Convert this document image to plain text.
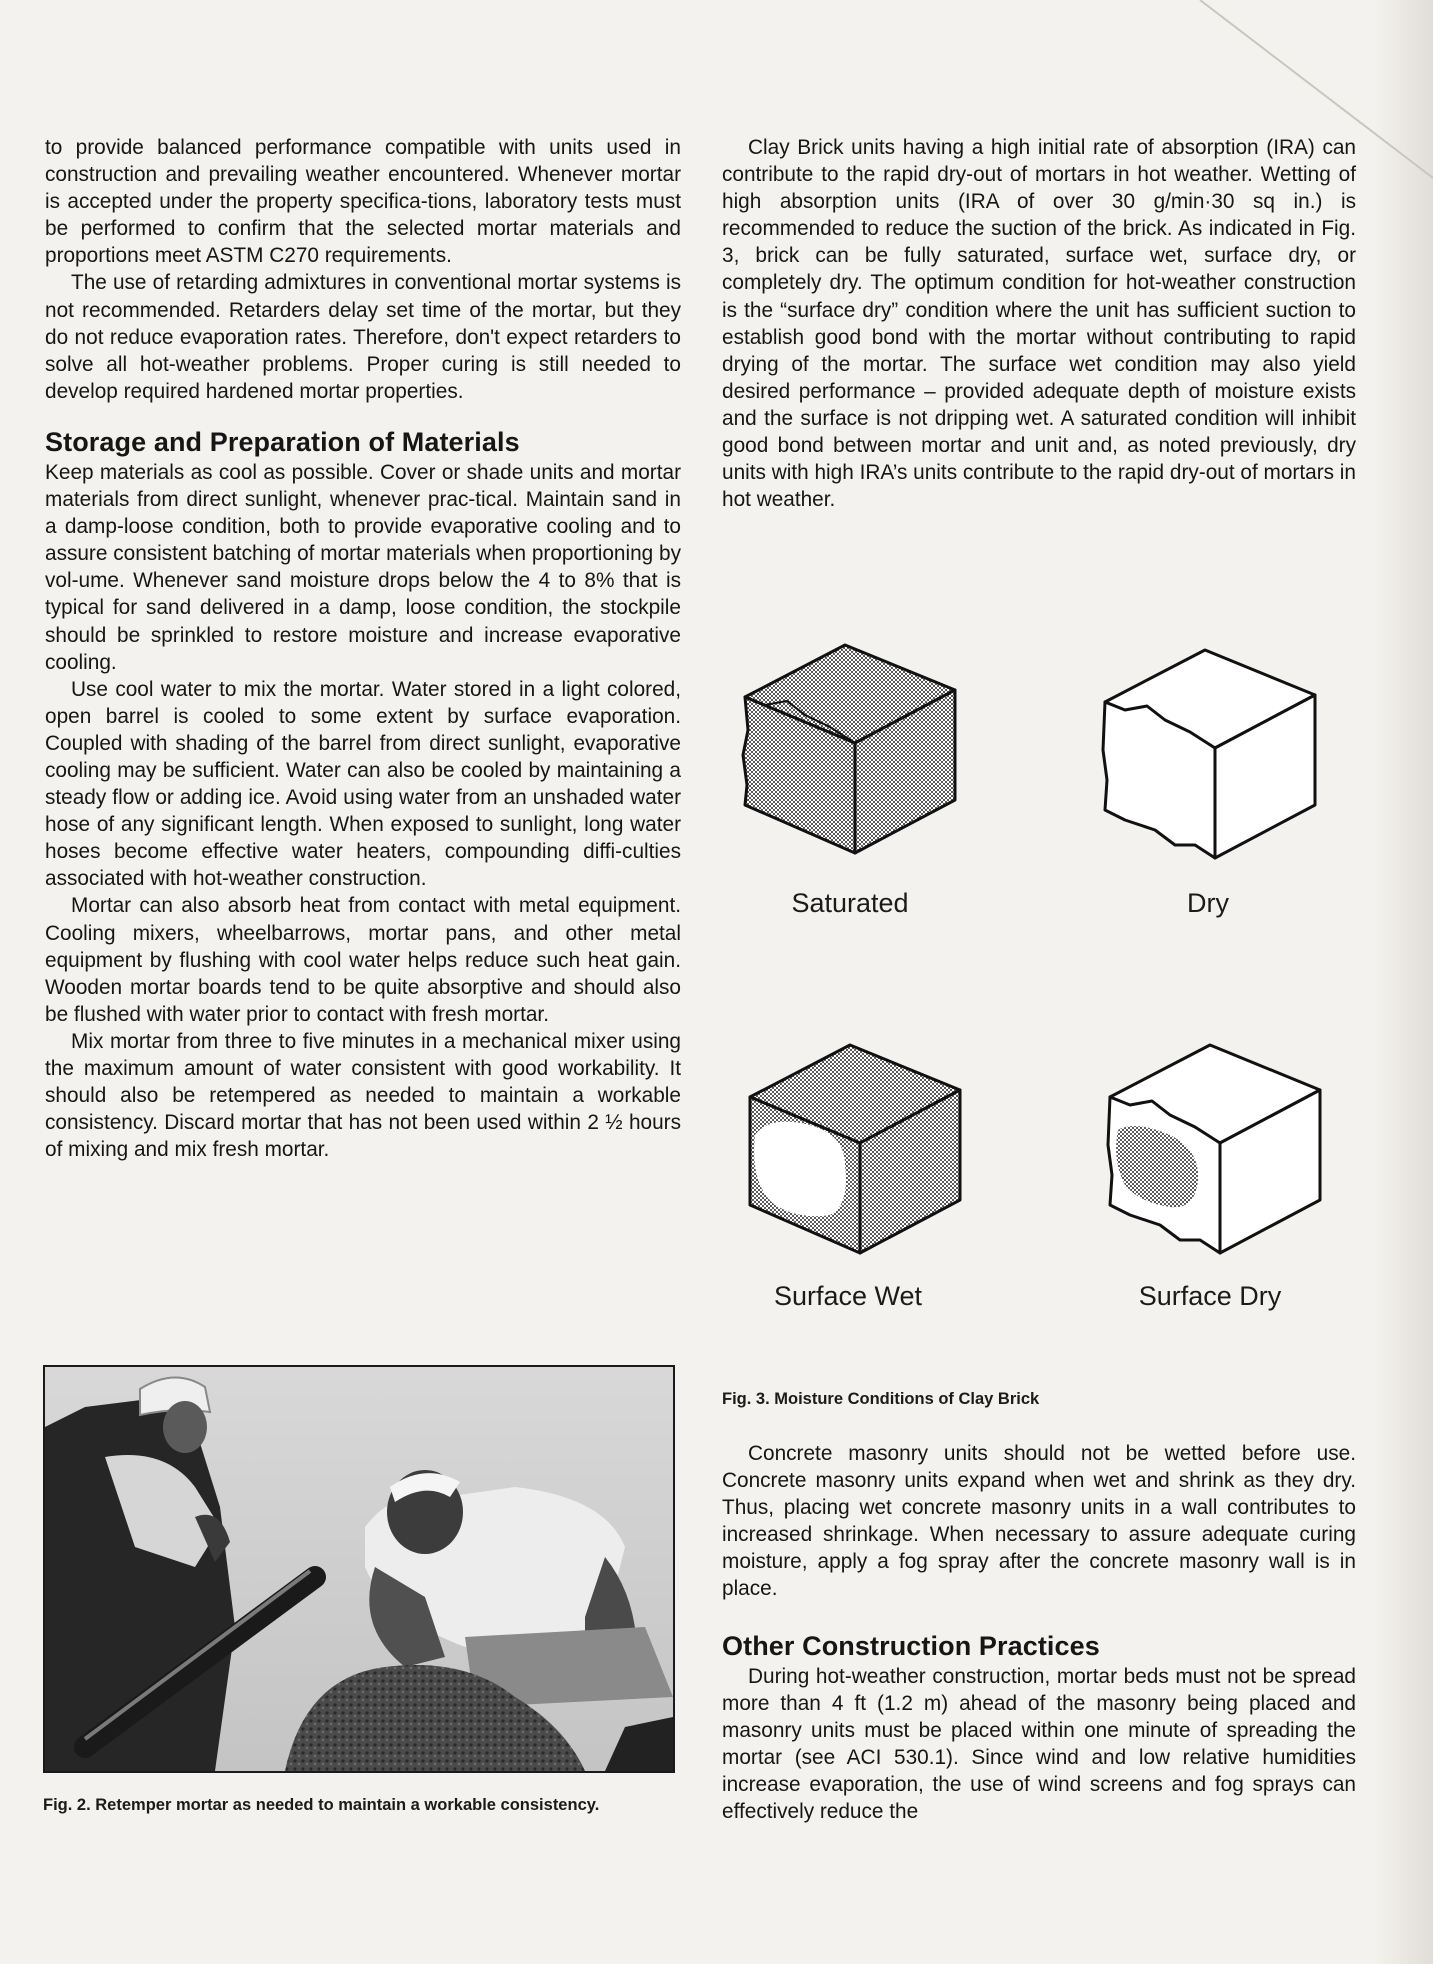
to provide balanced performance compatible with units used in construction and prevailing weather encountered. Whenever mortar is accepted under the property specifica-tions, laboratory tests must be performed to confirm that the selected mortar materials and proportions meet ASTM C270 requirements.

The use of retarding admixtures in conventional mortar systems is not recommended. Retarders delay set time of the mortar, but they do not reduce evaporation rates. Therefore, don't expect retarders to solve all hot-weather problems. Proper curing is still needed to develop required hardened mortar properties.

Storage and Preparation of Materials

Keep materials as cool as possible. Cover or shade units and mortar materials from direct sunlight, whenever prac-tical. Maintain sand in a damp-loose condition, both to provide evaporative cooling and to assure consistent batching of mortar materials when proportioning by vol-ume. Whenever sand moisture drops below the 4 to 8% that is typical for sand delivered in a damp, loose condition, the stockpile should be sprinkled to restore moisture and increase evaporative cooling.

Use cool water to mix the mortar. Water stored in a light colored, open barrel is cooled to some extent by surface evaporation. Coupled with shading of the barrel from direct sunlight, evaporative cooling may be sufficient. Water can also be cooled by maintaining a steady flow or adding ice. Avoid using water from an unshaded water hose of any significant length. When exposed to sunlight, long water hoses become effective water heaters, compounding diffi-culties associated with hot-weather construction.

Mortar can also absorb heat from contact with metal equipment. Cooling mixers, wheelbarrows, mortar pans, and other metal equipment by flushing with cool water helps reduce such heat gain. Wooden mortar boards tend to be quite absorptive and should also be flushed with water prior to contact with fresh mortar.

Mix mortar from three to five minutes in a mechanical mixer using the maximum amount of water consistent with good workability. It should also be retempered as needed to maintain a workable consistency. Discard mortar that has not been used within 2 ½ hours of mixing and mix fresh mortar.

Fig. 2. Retemper mortar as needed to maintain a workable consistency.

Clay Brick units having a high initial rate of absorption (IRA) can contribute to the rapid dry-out of mortars in hot weather. Wetting of high absorption units (IRA of over 30 g/min·30 sq in.) is recommended to reduce the suction of the brick. As indicated in Fig. 3, brick can be fully saturated, surface wet, surface dry, or completely dry. The optimum condition for hot-weather construction is the “surface dry” condition where the unit has sufficient suction to establish good bond with the mortar without contributing to rapid drying of the mortar. The surface wet condition may also yield desired performance – provided adequate depth of moisture exists and the surface is not dripping wet. A saturated condition will inhibit good bond between mortar and unit and, as noted previously, dry units with high IRA’s units contribute to the rapid dry-out of mortars in hot weather.

Saturated	Dry
Surface Wet	Surface Dry
Fig. 3. Moisture Conditions of Clay Brick

Concrete masonry units should not be wetted before use. Concrete masonry units expand when wet and shrink as they dry. Thus, placing wet concrete masonry units in a wall contributes to increased shrinkage. When necessary to assure adequate curing moisture, apply a fog spray after the concrete masonry wall is in place.

Other Construction Practices

During hot-weather construction, mortar beds must not be spread more than 4 ft (1.2 m) ahead of the masonry being placed and masonry units must be placed within one minute of spreading the mortar (see ACI 530.1). Since wind and low relative humidities increase evaporation, the use of wind screens and fog sprays can effectively reduce the
